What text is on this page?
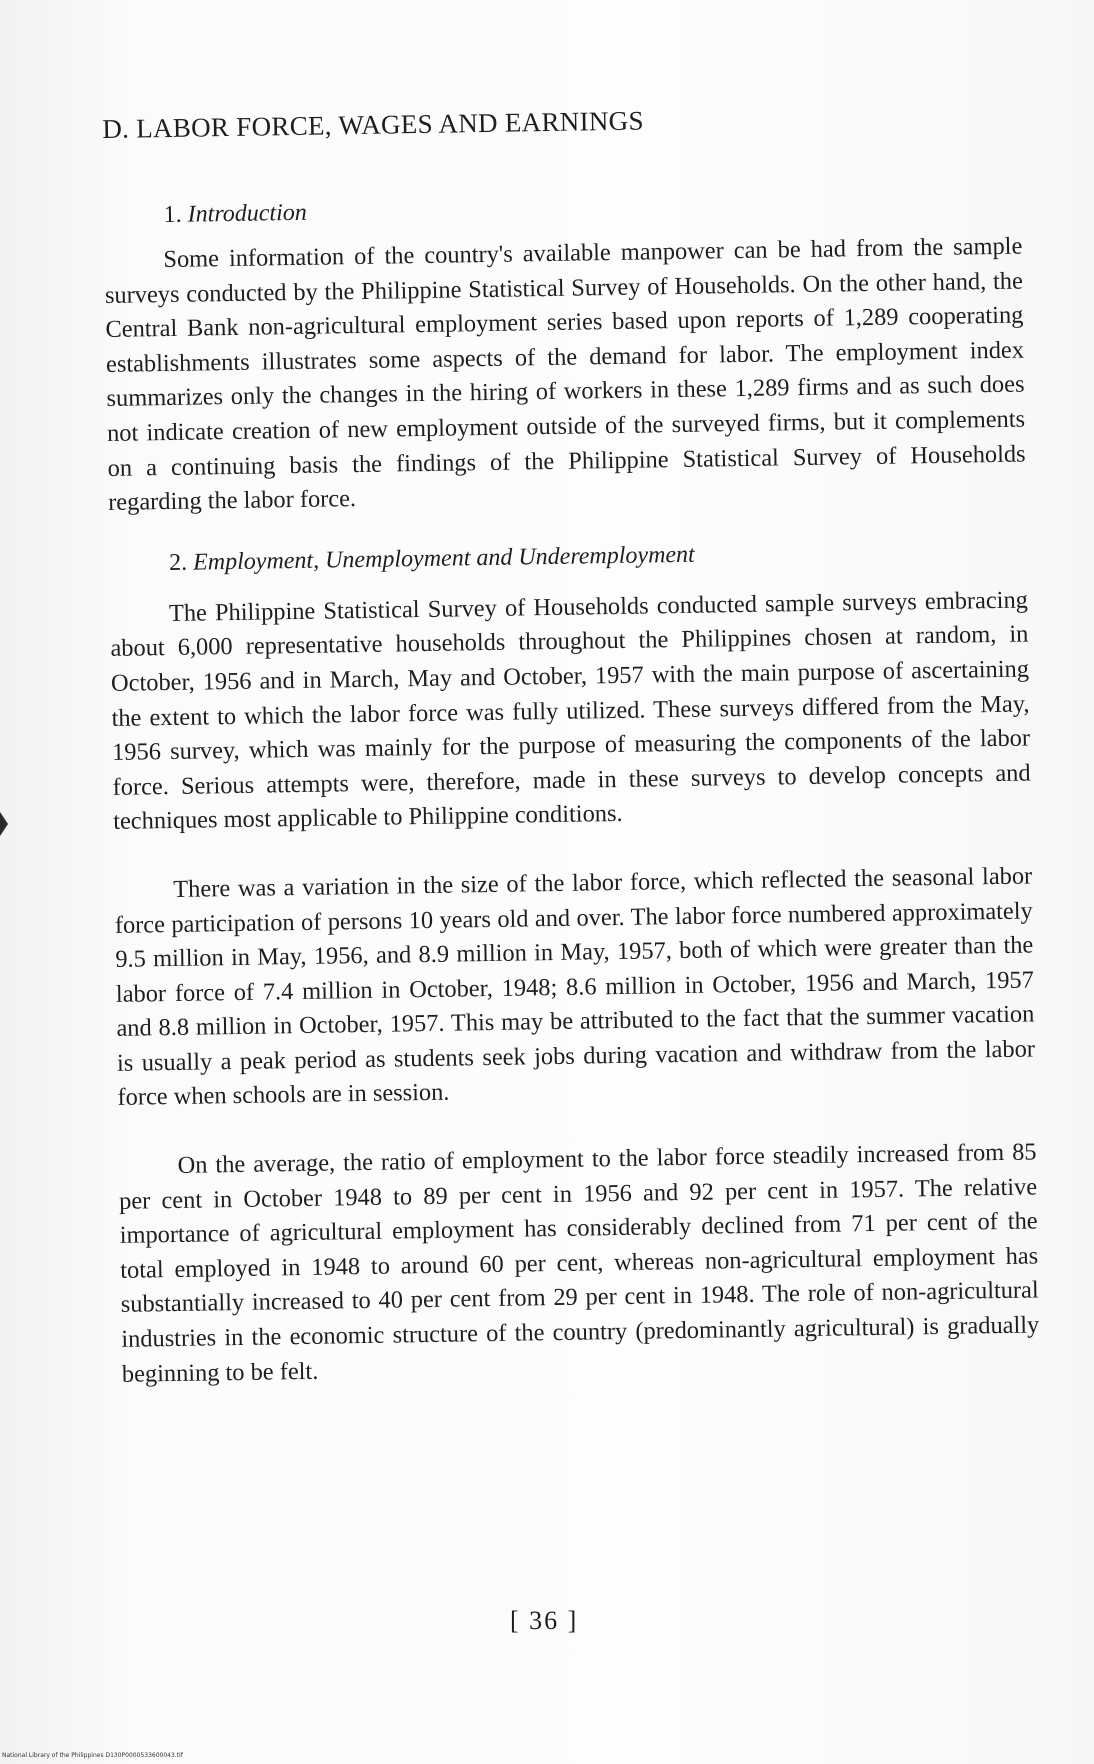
D. LABOR FORCE, WAGES AND EARNINGS
1. Introduction

Some information of the country's available manpower can be had from the sample surveys conducted by the Philippine Statistical Survey of Households. On the other hand, the Central Bank non-agricultural employment series based upon reports of 1,289 cooperating establishments illustrates some aspects of the demand for labor. The employment index summarizes only the changes in the hiring of workers in these 1,289 firms and as such does not indicate creation of new employment outside of the surveyed firms, but it complements on a continuing basis the findings of the Philippine Statistical Survey of Households regarding the labor force.

2. Employment, Unemployment and Underemployment

The Philippine Statistical Survey of Households conducted sample surveys embracing about 6,000 representative households throughout the Philippines chosen at random, in October, 1956 and in March, May and October, 1957 with the main purpose of ascertaining the extent to which the labor force was fully utilized. These surveys differed from the May, 1956 survey, which was mainly for the purpose of measuring the components of the labor force. Serious attempts were, therefore, made in these surveys to develop concepts and techniques most applicable to Philippine conditions.

There was a variation in the size of the labor force, which reflected the seasonal labor force participation of persons 10 years old and over. The labor force numbered approximately 9.5 million in May, 1956, and 8.9 million in May, 1957, both of which were greater than the labor force of 7.4 million in October, 1948; 8.6 million in October, 1956 and March, 1957 and 8.8 million in October, 1957. This may be attributed to the fact that the summer vacation is usually a peak period as students seek jobs during vacation and withdraw from the labor force when schools are in session.

On the average, the ratio of employment to the labor force steadily increased from 85 per cent in October 1948 to 89 per cent in 1956 and 92 per cent in 1957. The relative importance of agricultural employment has considerably declined from 71 per cent of the total employed in 1948 to around 60 per cent, whereas non-agricultural employment has substantially increased to 40 per cent from 29 per cent in 1948. The role of non-agricultural industries in the economic structure of the country (predominantly agricultural) is gradually beginning to be felt.

[ 36 ]
National Library of the Philippines D130P0000533600043.tif
